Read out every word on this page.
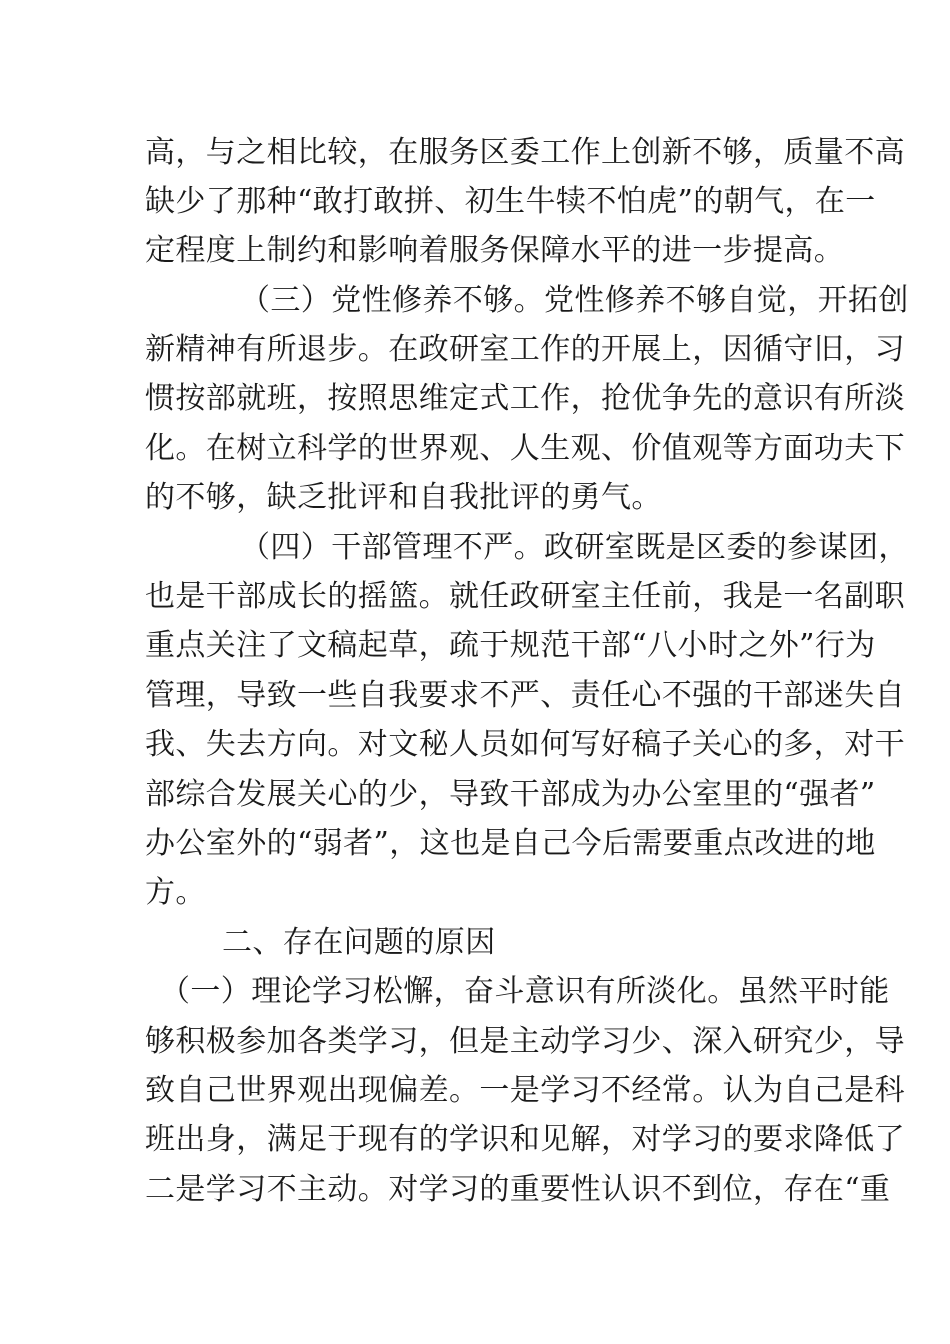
高，与之相比较，在服务区委工作上创新不够，质量不高
缺少了那种“敢打敢拼、初生牛犊不怕虎”的朝气，在一
定程度上制约和影响着服务保障水平的进一步提高。
（三）党性修养不够。党性修养不够自觉，开拓创
新精神有所退步。在政研室工作的开展上，因循守旧，习
惯按部就班，按照思维定式工作，抢优争先的意识有所淡
化。在树立科学的世界观、人生观、价值观等方面功夫下
的不够，缺乏批评和自我批评的勇气。
（四）干部管理不严。政研室既是区委的参谋团，
也是干部成长的摇篮。就任政研室主任前，我是一名副职
重点关注了文稿起草，疏于规范干部“八小时之外”行为
管理，导致一些自我要求不严、责任心不强的干部迷失自
我、失去方向。对文秘人员如何写好稿子关心的多，对干
部综合发展关心的少，导致干部成为办公室里的“强者”
办公室外的“弱者”，这也是自己今后需要重点改进的地
方。
二、存在问题的原因
（一）理论学习松懈，奋斗意识有所淡化。虽然平时能
够积极参加各类学习，但是主动学习少、深入研究少，导
致自己世界观出现偏差。一是学习不经常。认为自己是科
班出身，满足于现有的学识和见解，对学习的要求降低了
二是学习不主动。对学习的重要性认识不到位，存在“重
